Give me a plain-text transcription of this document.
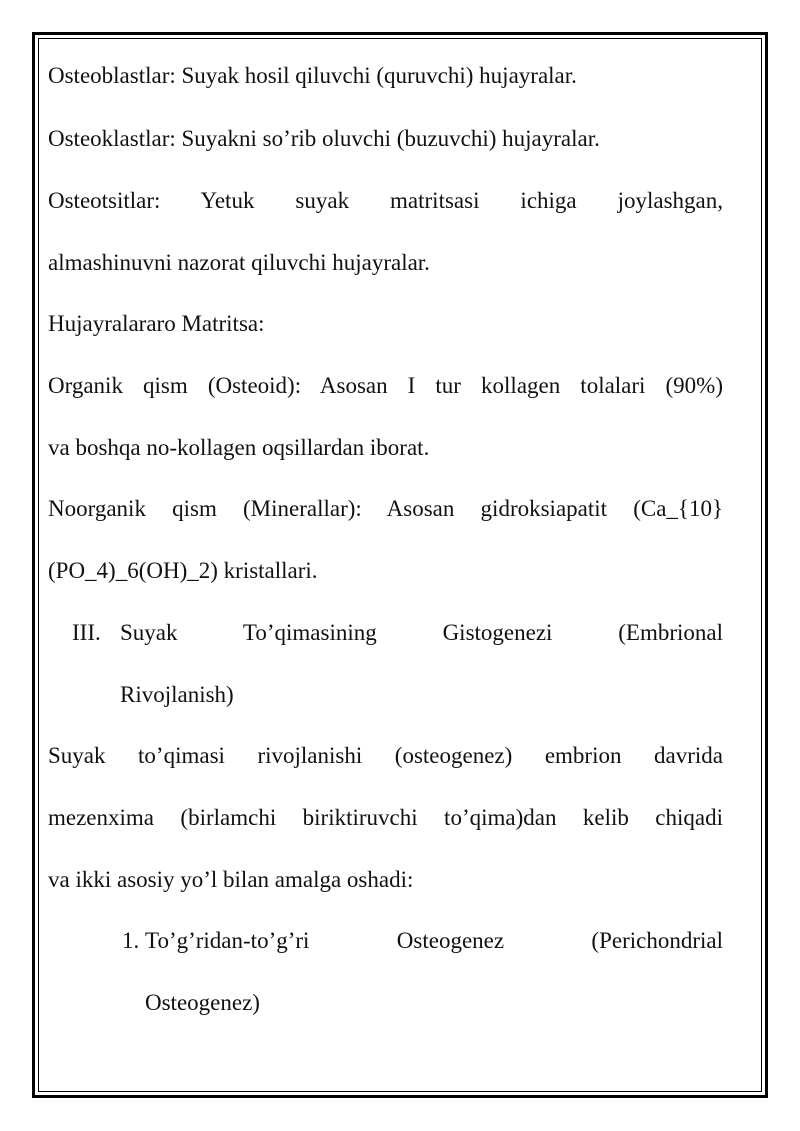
Osteoblastlar: Suyak hosil qiluvchi (quruvchi) hujayralar.
Osteoklastlar: Suyakni so’rib oluvchi (buzuvchi) hujayralar.
Osteotsitlar: Yetuk suyak matritsasi ichiga joylashgan,
almashinuvni nazorat qiluvchi hujayralar.
Hujayralararo Matritsa:
Organik qism (Osteoid): Asosan I tur kollagen tolalari (90%)
va boshqa no-kollagen oqsillardan iborat.
Noorganik qism (Minerallar): Asosan gidroksiapatit (Ca_{10}
(PO_4)_6(OH)_2) kristallari.
III. Suyak To’qimasining Gistogenezi (Embrional
Rivojlanish)
Suyak to’qimasi rivojlanishi (osteogenez) embrion davrida
mezenxima (birlamchi biriktiruvchi to’qima)dan kelib chiqadi
va ikki asosiy yo’l bilan amalga oshadi:
1. To’g’ridan-to’g’ri Osteogenez (Perichondrial
Osteogenez)
